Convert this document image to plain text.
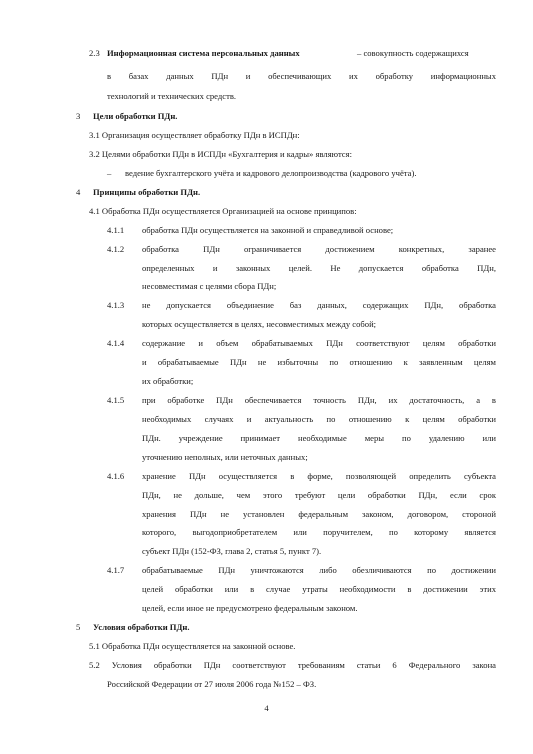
2.3 Информационная система персональных данных	– совокупность содержащихся
в базах данных ПДн и обеспечивающих их обработку информационных
технологий и технических средств.
3 Цели обработки ПДн.
3.1 Организация осуществляет обработку ПДн в ИСПДн:
3.2 Целями обработки ПДн в ИСПДн «Бухгалтерия и кадры» являются:
– ведение бухгалтерского учёта и кадрового делопроизводства (кадрового учёта).
4 Принципы обработки ПДн.
4.1 Обработка ПДн осуществляется Организацией на основе принципов:
4.1.1 обработка ПДн осуществляется на законной и справедливой основе;
4.1.2 обработка ПДн ограничивается достижением конкретных, заранее
определенных и законных целей. Не допускается обработка ПДн,
несовместимая с целями сбора ПДн;
4.1.3 не допускается объединение баз данных, содержащих ПДн, обработка
которых осуществляется в целях, несовместимых между собой;
4.1.4 содержание и объем обрабатываемых ПДн соответствуют целям обработки
и обрабатываемые ПДн не избыточны по отношению к заявленным целям
их обработки;
4.1.5 при обработке ПДн обеспечивается точность ПДн, их достаточность, а в
необходимых случаях и актуальность по отношению к целям обработки
ПДн. учреждение принимает необходимые меры по удалению или
уточнению неполных, или неточных данных;
4.1.6 хранение ПДн осуществляется в форме, позволяющей определить субъекта
ПДн, не дольше, чем этого требуют цели обработки ПДн, если срок
хранения ПДн не установлен федеральным законом, договором, стороной
которого, выгодоприобретателем или поручителем, по которому является
субъект ПДн (152-ФЗ, глава 2, статья 5, пункт 7).
4.1.7 обрабатываемые ПДн уничтожаются либо обезличиваются по достижении
целей обработки или в случае утраты необходимости в достижении этих
целей, если иное не предусмотрено федеральным законом.
5 Условия обработки ПДн.
5.1 Обработка ПДн осуществляется на законной основе.
5.2 Условия обработки ПДн соответствуют требованиям статьи 6 Федерального закона
Российской Федерации от 27 июля 2006 года №152 – ФЗ.
4
